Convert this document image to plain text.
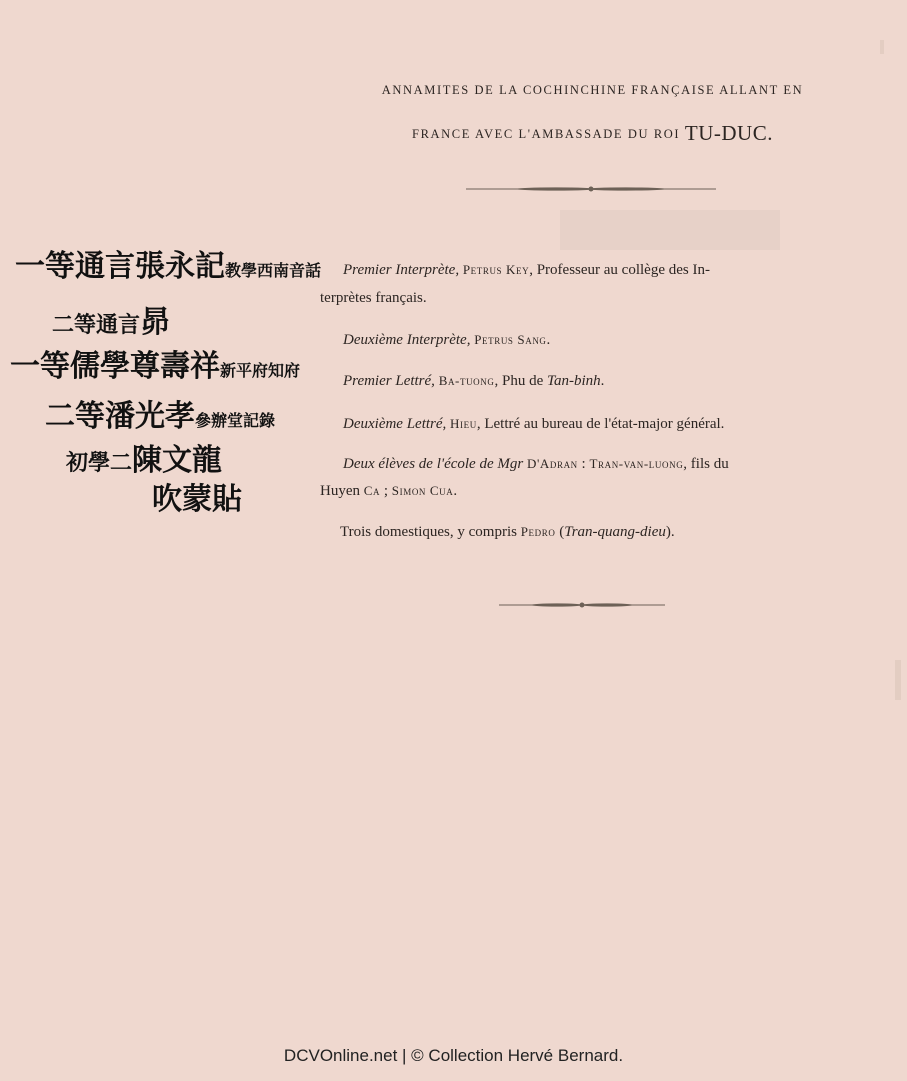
ANNAMITES DE LA COCHINCHINE FRANÇAISE ALLANT EN
FRANCE AVEC L'AMBASSADE DU ROI TU-DUC.
一等通言張永記教學西南音話
二等通言昴
一等儒學尊壽祥新平府知府
二等潘光孝參辦堂記錄
初學二陳文龍
吹蒙貼
Premier Interprète, Petrus Key, Professeur au collège des In-
terprètes français.
Deuxième Interprète, Petrus Sang.
Premier Lettré, Ba-tuong, Phu de Tan-binh.
Deuxième Lettré, Hieu, Lettré au bureau de l'état-major général.
Deux élèves de l'école de Mgr D'Adran : Tran-van-luong, fils du
Huyen Ca ; Simon Cua.
Trois domestiques, y compris Pedro (Tran-quang-dieu).
DCVOnline.net | © Collection Hervé Bernard.
